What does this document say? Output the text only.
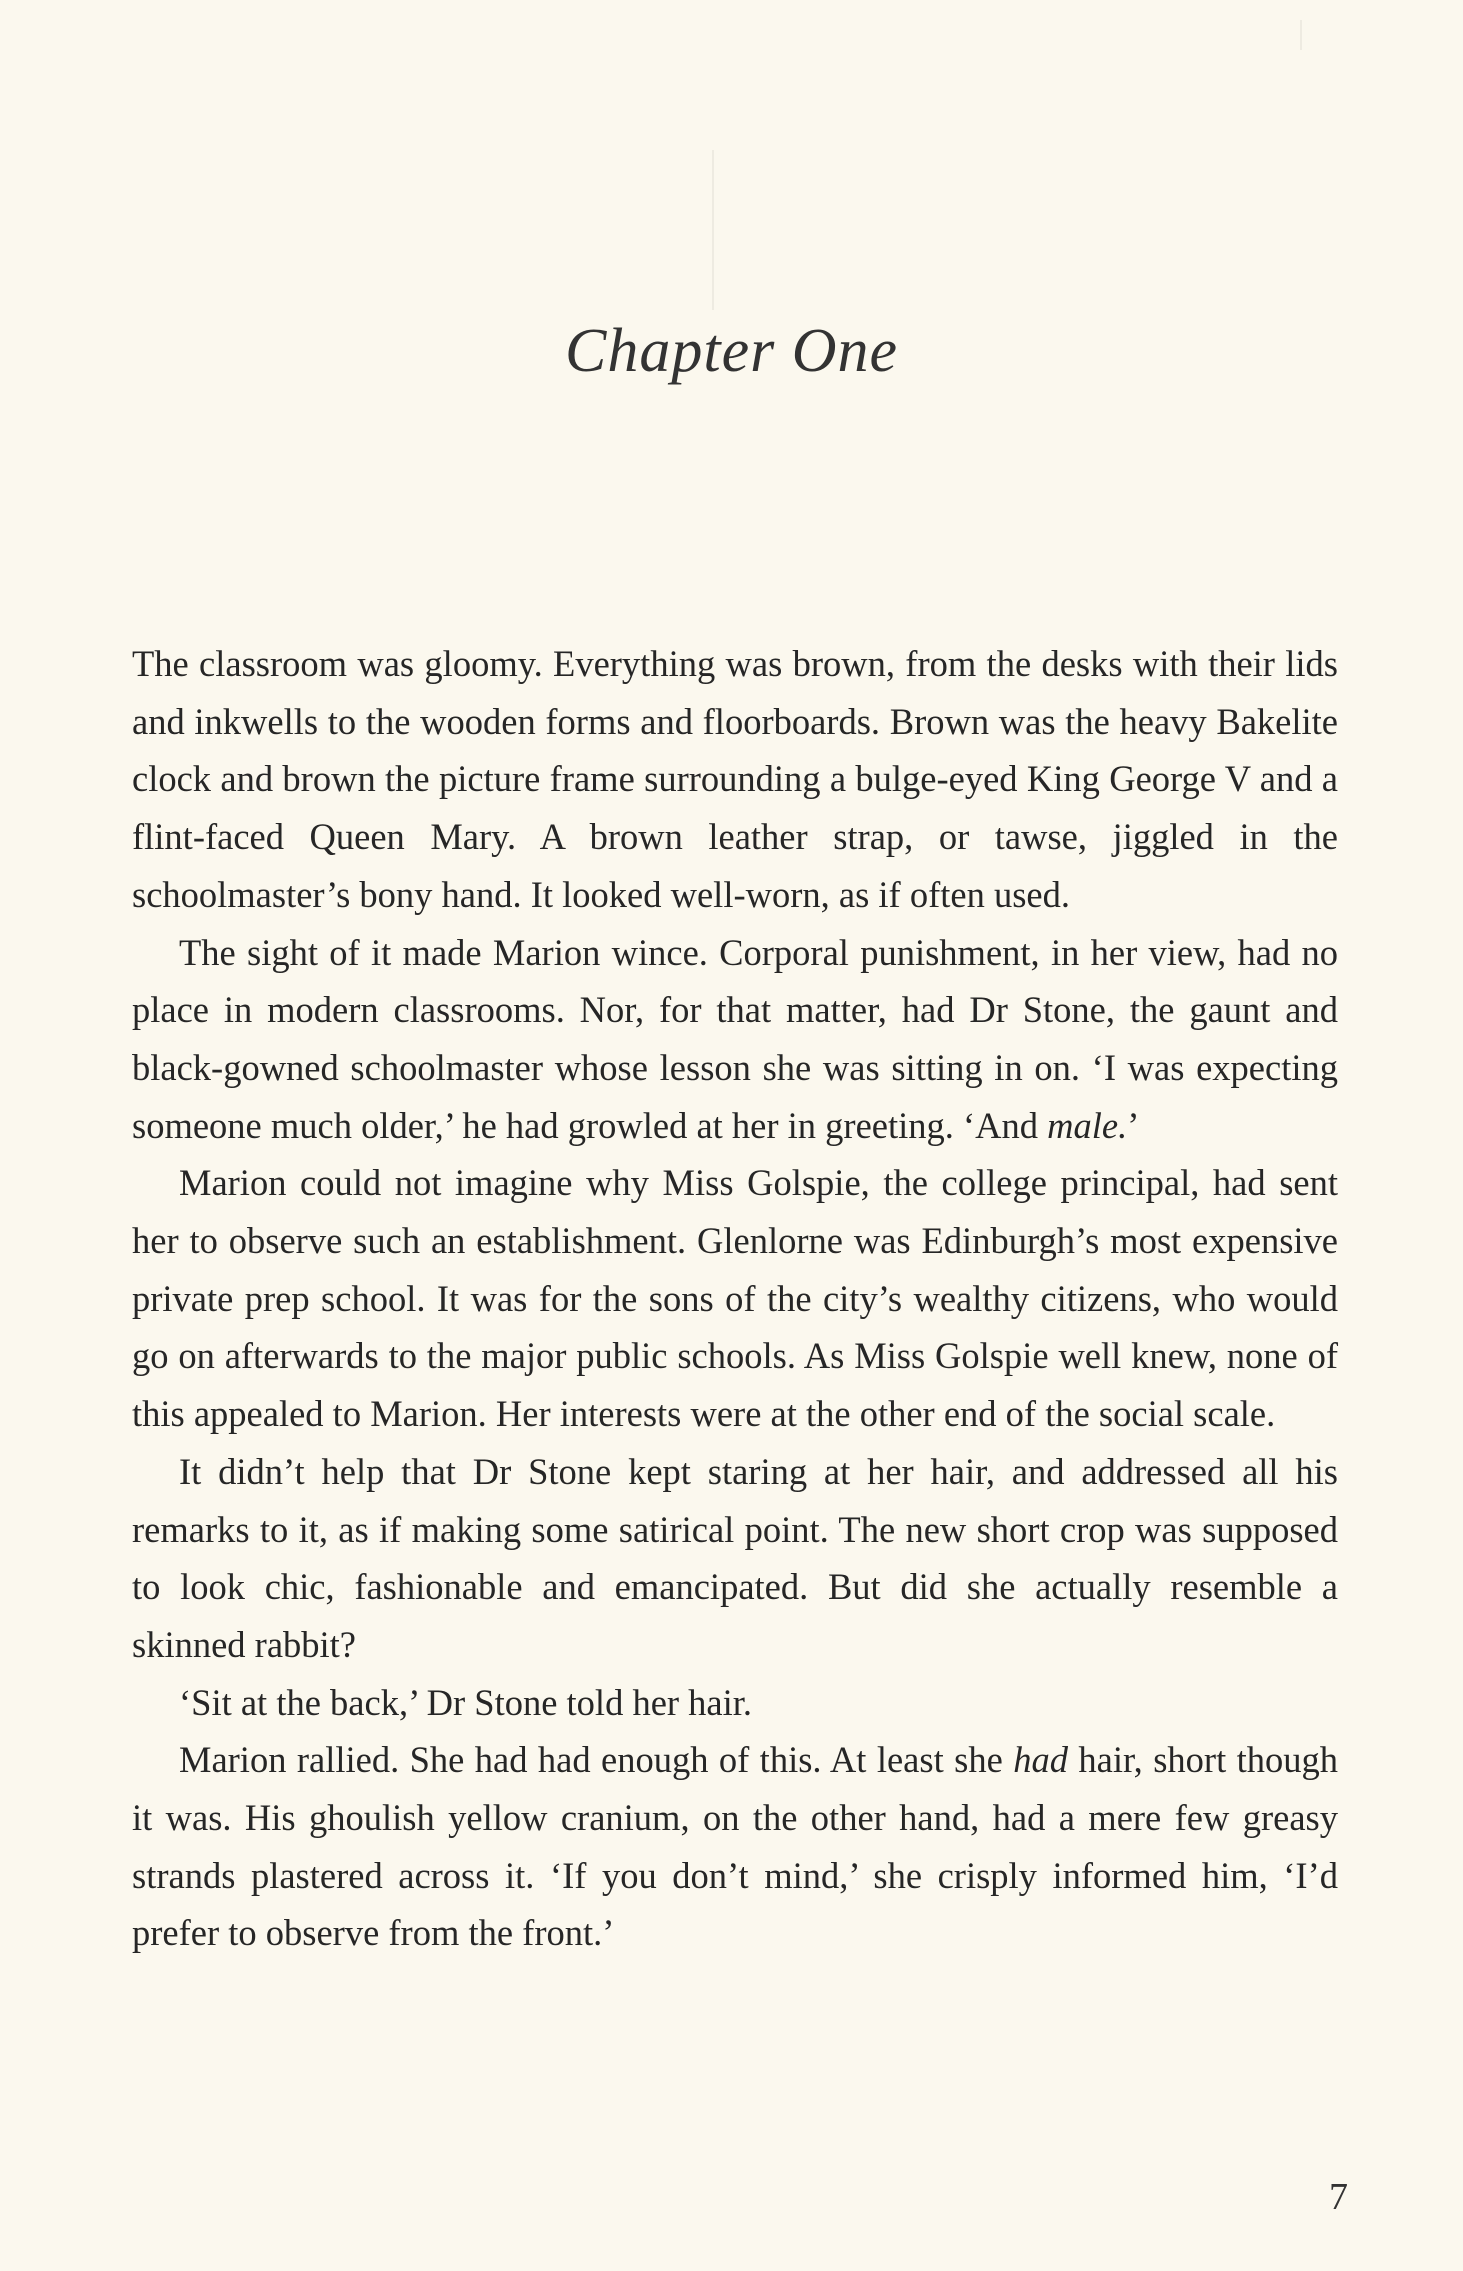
Chapter One

The classroom was gloomy. Everything was brown, from the desks with their lids and inkwells to the wooden forms and floorboards. Brown was the heavy Bakelite clock and brown the picture frame surrounding a bulge-eyed King George V and a flint-faced Queen Mary. A brown leather strap, or tawse, jiggled in the schoolmaster’s bony hand. It looked well-worn, as if often used.

The sight of it made Marion wince. Corporal punishment, in her view, had no place in modern classrooms. Nor, for that matter, had Dr Stone, the gaunt and black-gowned schoolmaster whose lesson she was sitting in on. ‘I was expecting someone much older,’ he had growled at her in greeting. ‘And male.’

Marion could not imagine why Miss Golspie, the college principal, had sent her to observe such an establishment. Glenlorne was Edinburgh’s most expensive private prep school. It was for the sons of the city’s wealthy citizens, who would go on afterwards to the major public schools. As Miss Golspie well knew, none of this appealed to Marion. Her interests were at the other end of the social scale.

It didn’t help that Dr Stone kept staring at her hair, and addressed all his remarks to it, as if making some satirical point. The new short crop was supposed to look chic, fashionable and emancipated. But did she actually resemble a skinned rabbit?

‘Sit at the back,’ Dr Stone told her hair.

Marion rallied. She had had enough of this. At least she had hair, short though it was. His ghoulish yellow cranium, on the other hand, had a mere few greasy strands plastered across it. ‘If you don’t mind,’ she crisply informed him, ‘I’d prefer to observe from the front.’

7
